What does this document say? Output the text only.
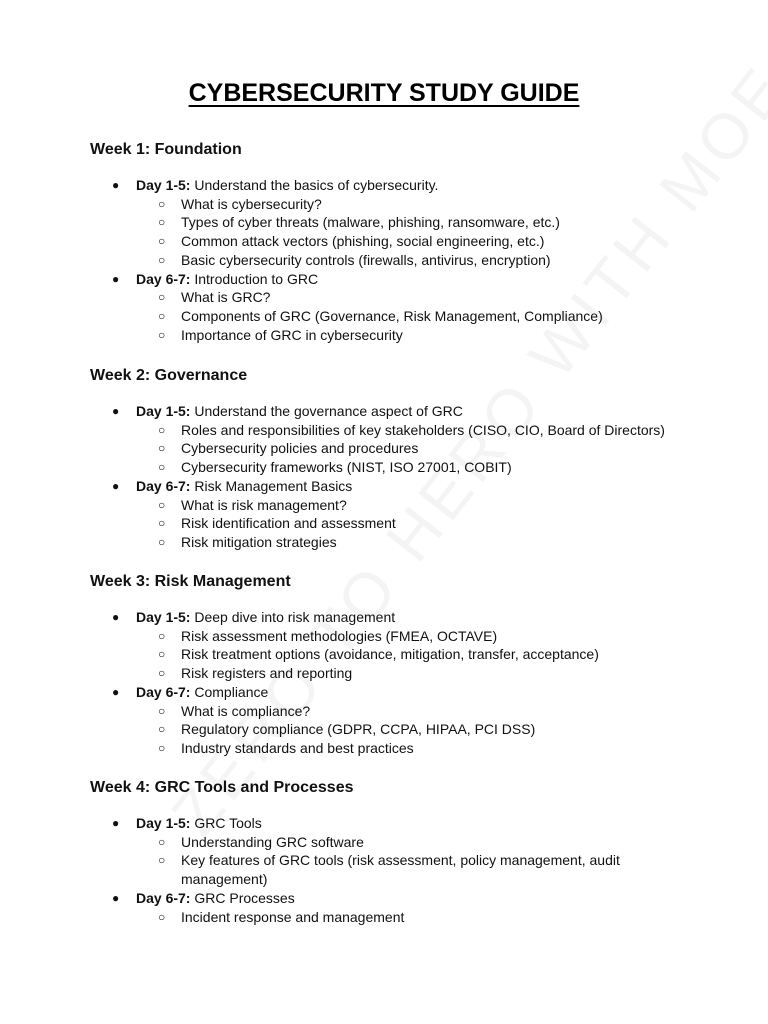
CYBERSECURITY STUDY GUIDE
Week 1: Foundation
● Day 1-5: Understand the basics of cybersecurity.
○ What is cybersecurity?
○ Types of cyber threats (malware, phishing, ransomware, etc.)
○ Common attack vectors (phishing, social engineering, etc.)
○ Basic cybersecurity controls (firewalls, antivirus, encryption)
● Day 6-7: Introduction to GRC
○ What is GRC?
○ Components of GRC (Governance, Risk Management, Compliance)
○ Importance of GRC in cybersecurity
Week 2: Governance
● Day 1-5: Understand the governance aspect of GRC
○ Roles and responsibilities of key stakeholders (CISO, CIO, Board of Directors)
○ Cybersecurity policies and procedures
○ Cybersecurity frameworks (NIST, ISO 27001, COBIT)
● Day 6-7: Risk Management Basics
○ What is risk management?
○ Risk identification and assessment
○ Risk mitigation strategies
Week 3: Risk Management
● Day 1-5: Deep dive into risk management
○ Risk assessment methodologies (FMEA, OCTAVE)
○ Risk treatment options (avoidance, mitigation, transfer, acceptance)
○ Risk registers and reporting
● Day 6-7: Compliance
○ What is compliance?
○ Regulatory compliance (GDPR, CCPA, HIPAA, PCI DSS)
○ Industry standards and best practices
Week 4: GRC Tools and Processes
● Day 1-5: GRC Tools
○ Understanding GRC software
○ Key features of GRC tools (risk assessment, policy management, audit management)
● Day 6-7: GRC Processes
○ Incident response and management
